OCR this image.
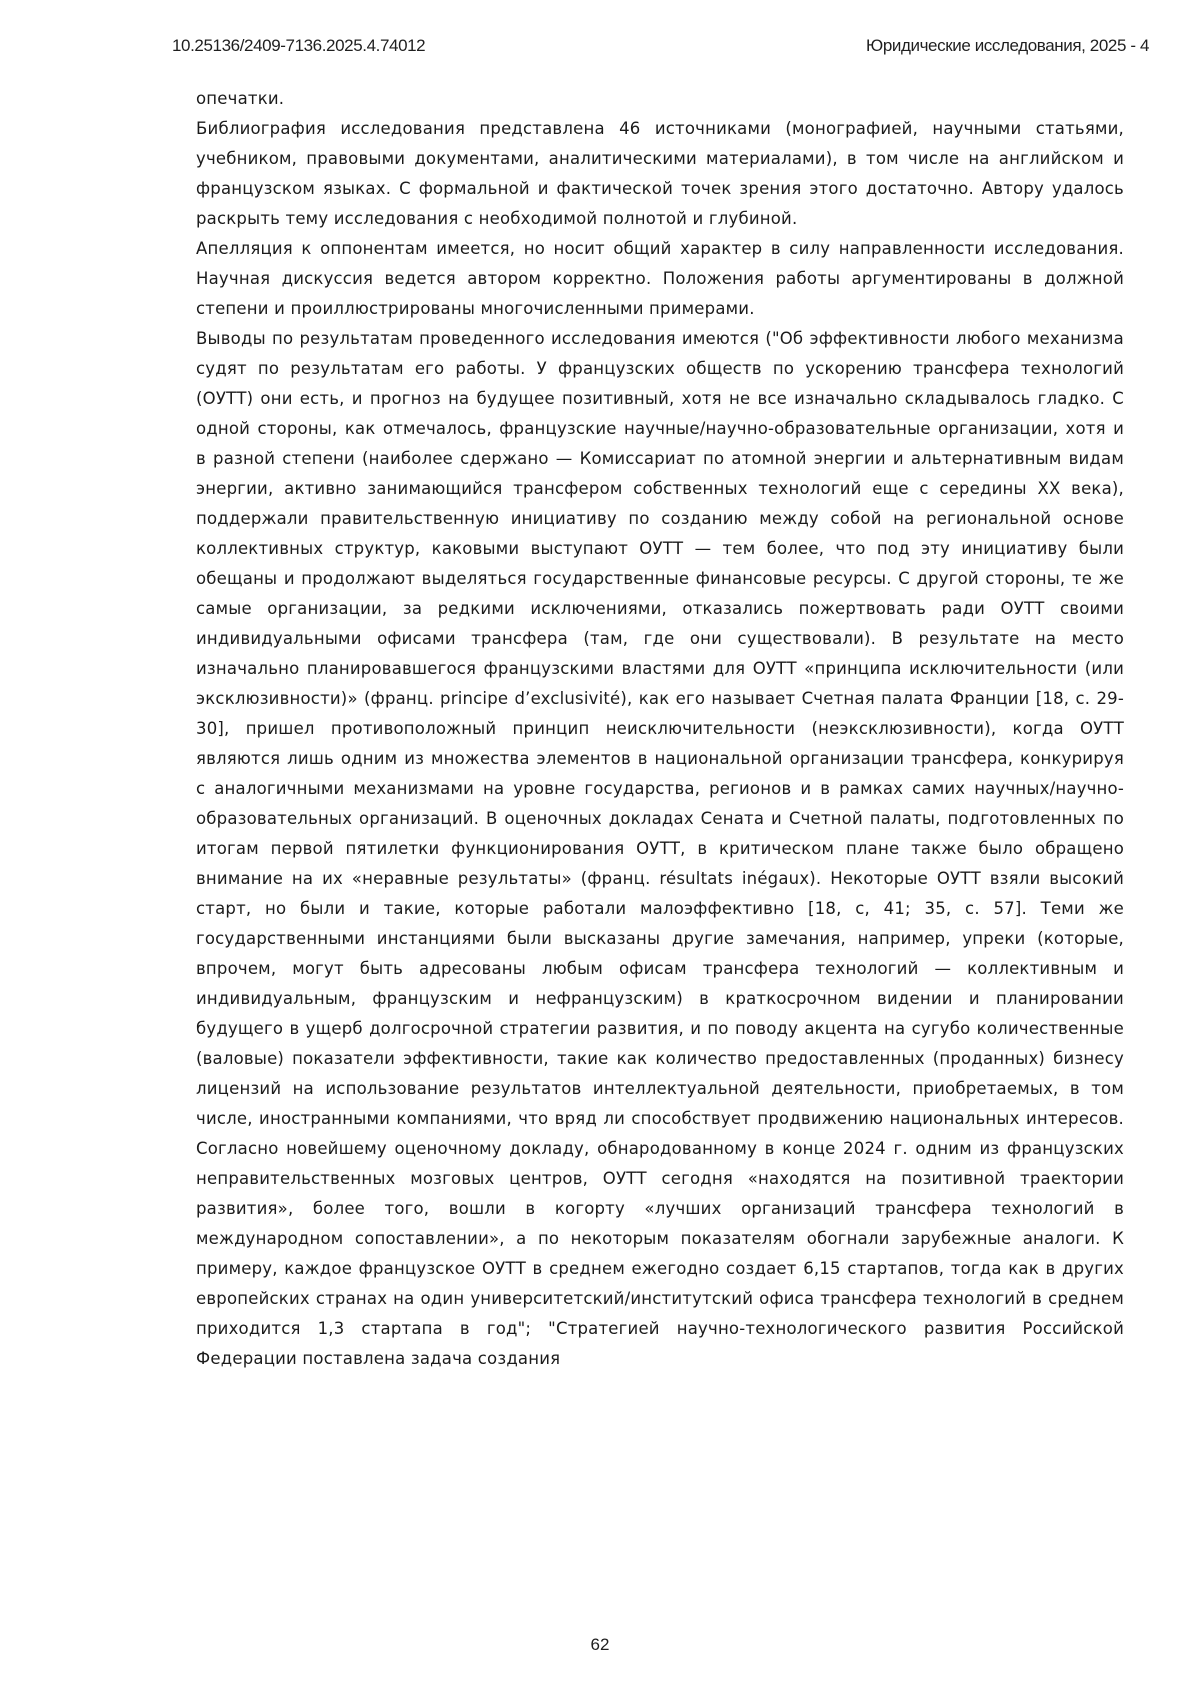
10.25136/2409-7136.2025.4.74012	Юридические исследования, 2025 - 4

опечатки.

Библиография исследования представлена 46 источниками (монографией, научными статьями, учебником, правовыми документами, аналитическими материалами), в том числе на английском и французском языках. С формальной и фактической точек зрения этого достаточно. Автору удалось раскрыть тему исследования с необходимой полнотой и глубиной.

Апелляция к оппонентам имеется, но носит общий характер в силу направленности исследования. Научная дискуссия ведется автором корректно. Положения работы аргументированы в должной степени и проиллюстрированы многочисленными примерами.

Выводы по результатам проведенного исследования имеются ("Об эффективности любого механизма судят по результатам его работы. У французских обществ по ускорению трансфера технологий (ОУТТ) они есть, и прогноз на будущее позитивный, хотя не все изначально складывалось гладко. С одной стороны, как отмечалось, французские научные/научно-образовательные организации, хотя и в разной степени (наиболее сдержано — Комиссариат по атомной энергии и альтернативным видам энергии, активно занимающийся трансфером собственных технологий еще с середины XX века), поддержали правительственную инициативу по созданию между собой на региональной основе коллективных структур, каковыми выступают ОУТТ — тем более, что под эту инициативу были обещаны и продолжают выделяться государственные финансовые ресурсы. С другой стороны, те же самые организации, за редкими исключениями, отказались пожертвовать ради ОУТТ своими индивидуальными офисами трансфера (там, где они существовали). В результате на место изначально планировавшегося французскими властями для ОУТТ «принципа исключительности (или эксклюзивности)» (франц. principe d’exclusivité), как его называет Счетная палата Франции [18, с. 29-30], пришел противоположный принцип неисключительности (неэксклюзивности), когда ОУТТ являются лишь одним из множества элементов в национальной организации трансфера, конкурируя с аналогичными механизмами на уровне государства, регионов и в рамках самих научных/научно-образовательных организаций. В оценочных докладах Сената и Счетной палаты, подготовленных по итогам первой пятилетки функционирования ОУТТ, в критическом плане также было обращено внимание на их «неравные результаты» (франц. résultats inégaux). Некоторые ОУТТ взяли высокий старт, но были и такие, которые работали малоэффективно [18, с, 41; 35, с. 57]. Теми же государственными инстанциями были высказаны другие замечания, например, упреки (которые, впрочем, могут быть адресованы любым офисам трансфера технологий — коллективным и индивидуальным, французским и нефранцузским) в краткосрочном видении и планировании будущего в ущерб долгосрочной стратегии развития, и по поводу акцента на сугубо количественные (валовые) показатели эффективности, такие как количество предоставленных (проданных) бизнесу лицензий на использование результатов интеллектуальной деятельности, приобретаемых, в том числе, иностранными компаниями, что вряд ли способствует продвижению национальных интересов. Согласно новейшему оценочному докладу, обнародованному в конце 2024 г. одним из французских неправительственных мозговых центров, ОУТТ сегодня «находятся на позитивной траектории развития», более того, вошли в когорту «лучших организаций трансфера технологий в международном сопоставлении», а по некоторым показателям обогнали зарубежные аналоги. К примеру, каждое французское ОУТТ в среднем ежегодно создает 6,15 стартапов, тогда как в других европейских странах на один университетский/институтский офиса трансфера технологий в среднем приходится 1,3 стартапа в год"; "Стратегией научно-технологического развития Российской Федерации поставлена задача создания

62
